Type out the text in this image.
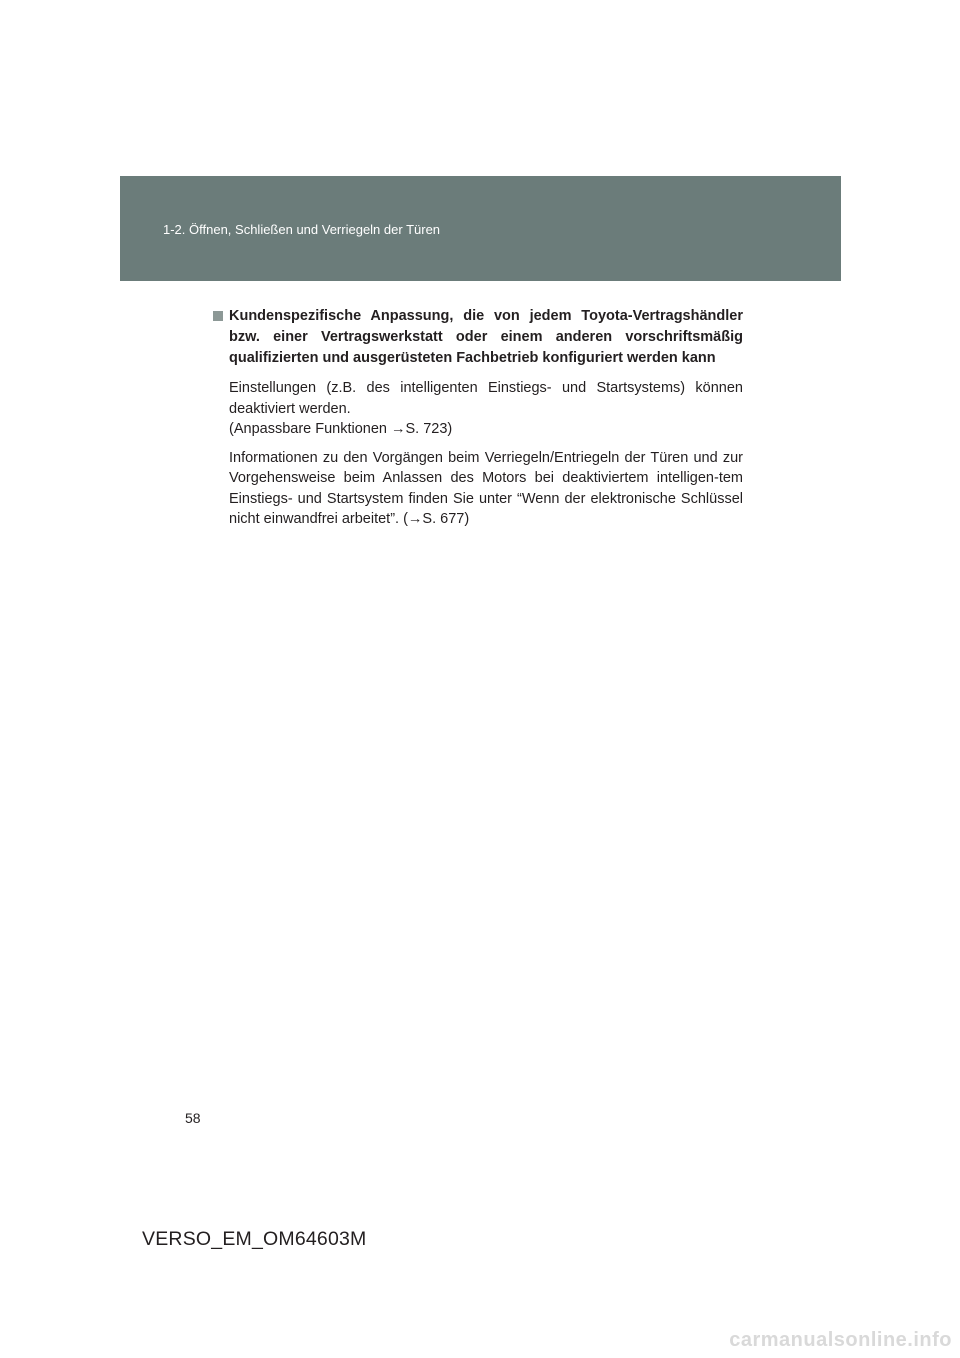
1-2. Öffnen, Schließen und Verriegeln der Türen
Kundenspezifische Anpassung, die von jedem Toyota-Vertragshändler bzw. einer Vertragswerkstatt oder einem anderen vorschriftsmäßig qualifizierten und ausgerüsteten Fachbetrieb konfiguriert werden kann
Einstellungen (z.B. des intelligenten Einstiegs- und Startsystems) können deaktiviert werden.
(Anpassbare Funktionen →S. 723)
Informationen zu den Vorgängen beim Verriegeln/Entriegeln der Türen und zur Vorgehensweise beim Anlassen des Motors bei deaktiviertem intelligen-tem Einstiegs- und Startsystem finden Sie unter “Wenn der elektronische Schlüssel nicht einwandfrei arbeitet”. (→S. 677)
58
VERSO_EM_OM64603M
carmanualsonline.info
